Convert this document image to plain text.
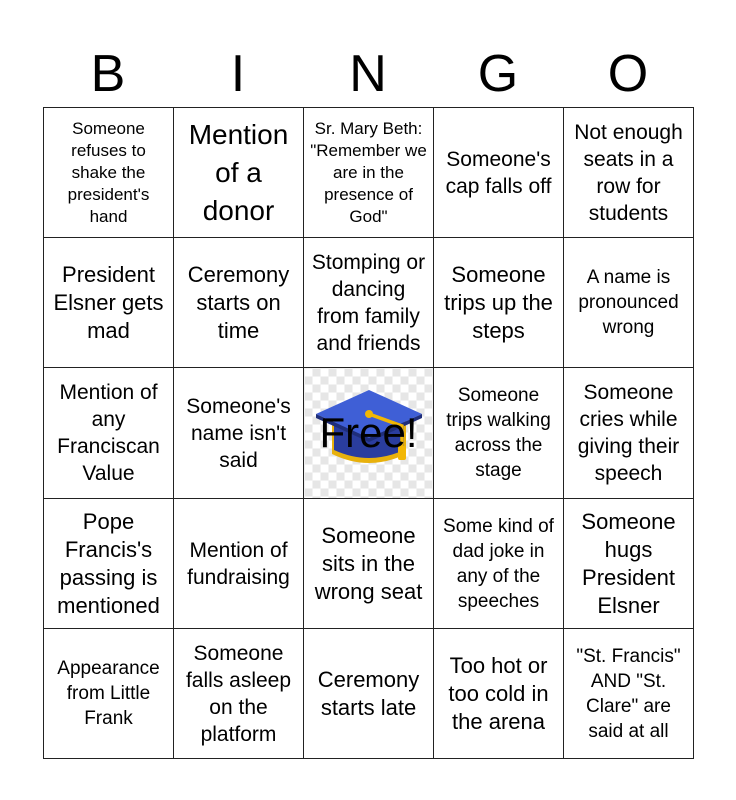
B	I	N	G	O
Someone refuses to shake the president's hand	Mention of a donor	Sr. Mary Beth: "Remember we are in the presence of God"	Someone's cap falls off	Not enough seats in a row for students
President Elsner gets mad	Ceremony starts on time	Stomping or dancing from family and friends	Someone trips up the steps	A name is pronounced wrong
Mention of any Franciscan Value	Someone's name isn't said	Free!	Someone trips walking across the stage	Someone cries while giving their speech
Pope Francis's passing is mentioned	Mention of fundraising	Someone sits in the wrong seat	Some kind of dad joke in any of the speeches	Someone hugs President Elsner
Appearance from Little Frank	Someone falls asleep on the platform	Ceremony starts late	Too hot or too cold in the arena	"St. Francis" AND "St. Clare" are said at all
